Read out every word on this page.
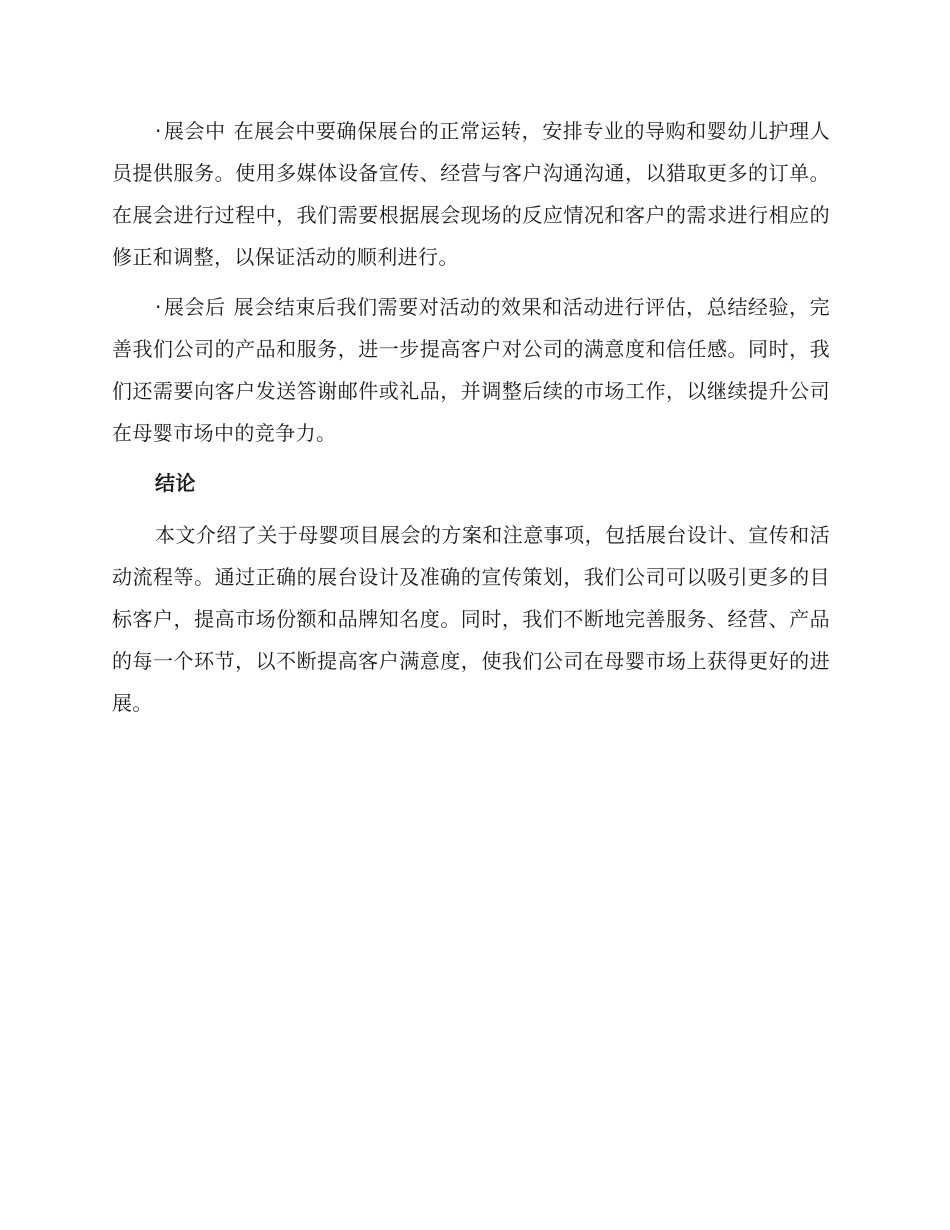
· 展会中 在展会中要确保展台的正常运转，安排专业的导购和婴幼儿护理人员提供服务。使用多媒体设备宣传、经营与客户沟通沟通，以猎取更多的订单。在展会进行过程中，我们需要根据展会现场的反应情况和客户的需求进行相应的修正和调整，以保证活动的顺利进行。

· 展会后 展会结束后我们需要对活动的效果和活动进行评估，总结经验，完善我们公司的产品和服务，进一步提高客户对公司的满意度和信任感。同时，我们还需要向客户发送答谢邮件或礼品，并调整后续的市场工作，以继续提升公司在母婴市场中的竞争力。

结论

本文介绍了关于母婴项目展会的方案和注意事项，包括展台设计、宣传和活动流程等。通过正确的展台设计及准确的宣传策划，我们公司可以吸引更多的目标客户，提高市场份额和品牌知名度。同时，我们不断地完善服务、经营、产品的每一个环节，以不断提高客户满意度，使我们公司在母婴市场上获得更好的进展。
